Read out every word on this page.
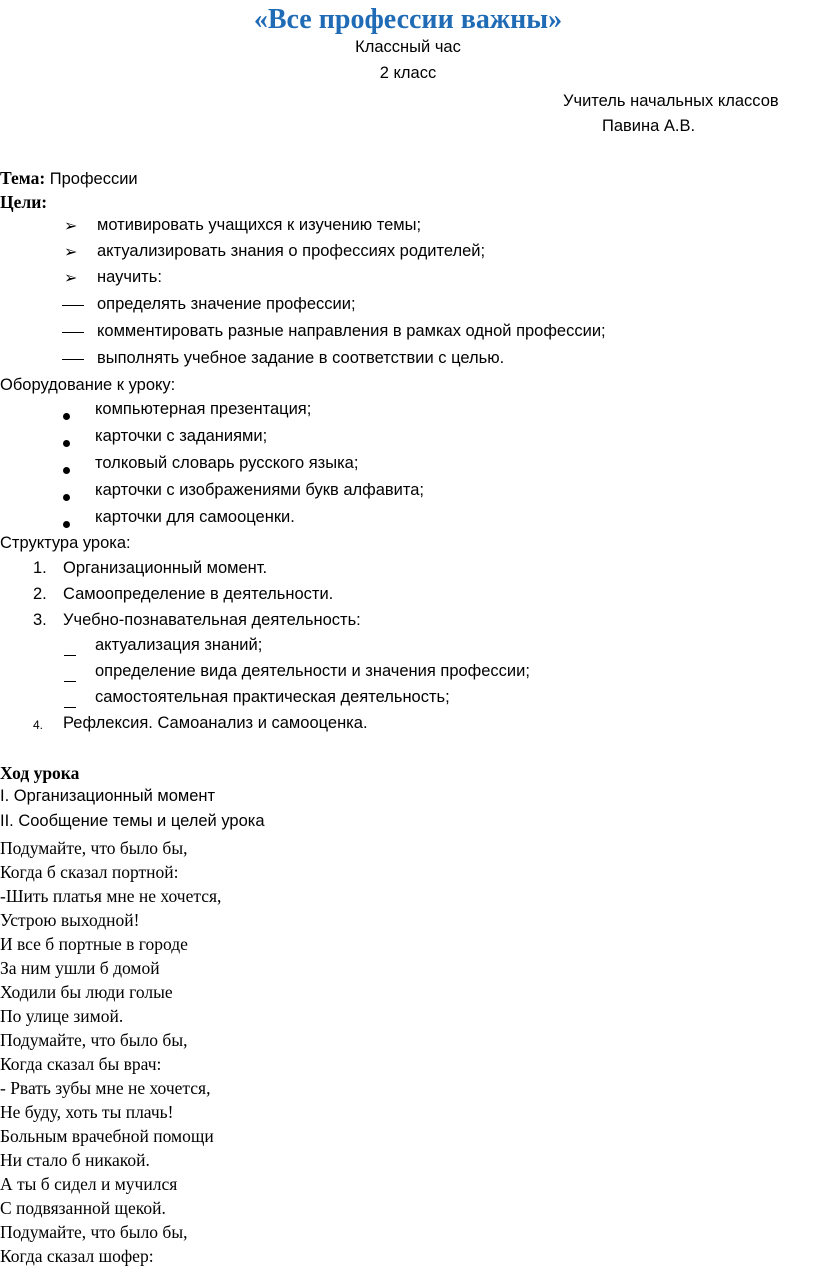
«Все профессии важны»
Классный час
2 класс
Учитель начальных классов
Павина А.В.
Тема: Профессии
Цели:
➢ мотивировать учащихся к изучению темы;
➢ актуализировать знания о профессиях родителей;
➢ научить:
определять значение профессии;
комментировать разные направления в рамках одной профессии;
выполнять учебное задание в соответствии с целью.
Оборудование к уроку:
компьютерная презентация;
карточки с заданиями;
толковый словарь русского языка;
карточки с изображениями букв алфавита;
карточки для самооценки.
Структура урока:
1. Организационный момент.
2. Самоопределение в деятельности.
3. Учебно-познавательная деятельность:
актуализация знаний;
определение вида деятельности и значения профессии;
самостоятельная практическая деятельность;
4. Рефлексия. Самоанализ и самооценка.
Ход урока
I. Организационный момент
II. Сообщение темы и целей урока
Подумайте, что было бы,
Когда б сказал портной:
-Шить платья мне не хочется,
Устрою выходной!
И все б портные в городе
За ним ушли б домой
Ходили бы люди голые
По улице зимой.
Подумайте, что было бы,
Когда сказал бы врач:
- Рвать зубы мне не хочется,
Не буду, хоть ты плачь!
Больным врачебной помощи
Ни стало б никакой.
А ты б сидел и мучился
С подвязанной щекой.
Подумайте, что было бы,
Когда сказал шофер:
